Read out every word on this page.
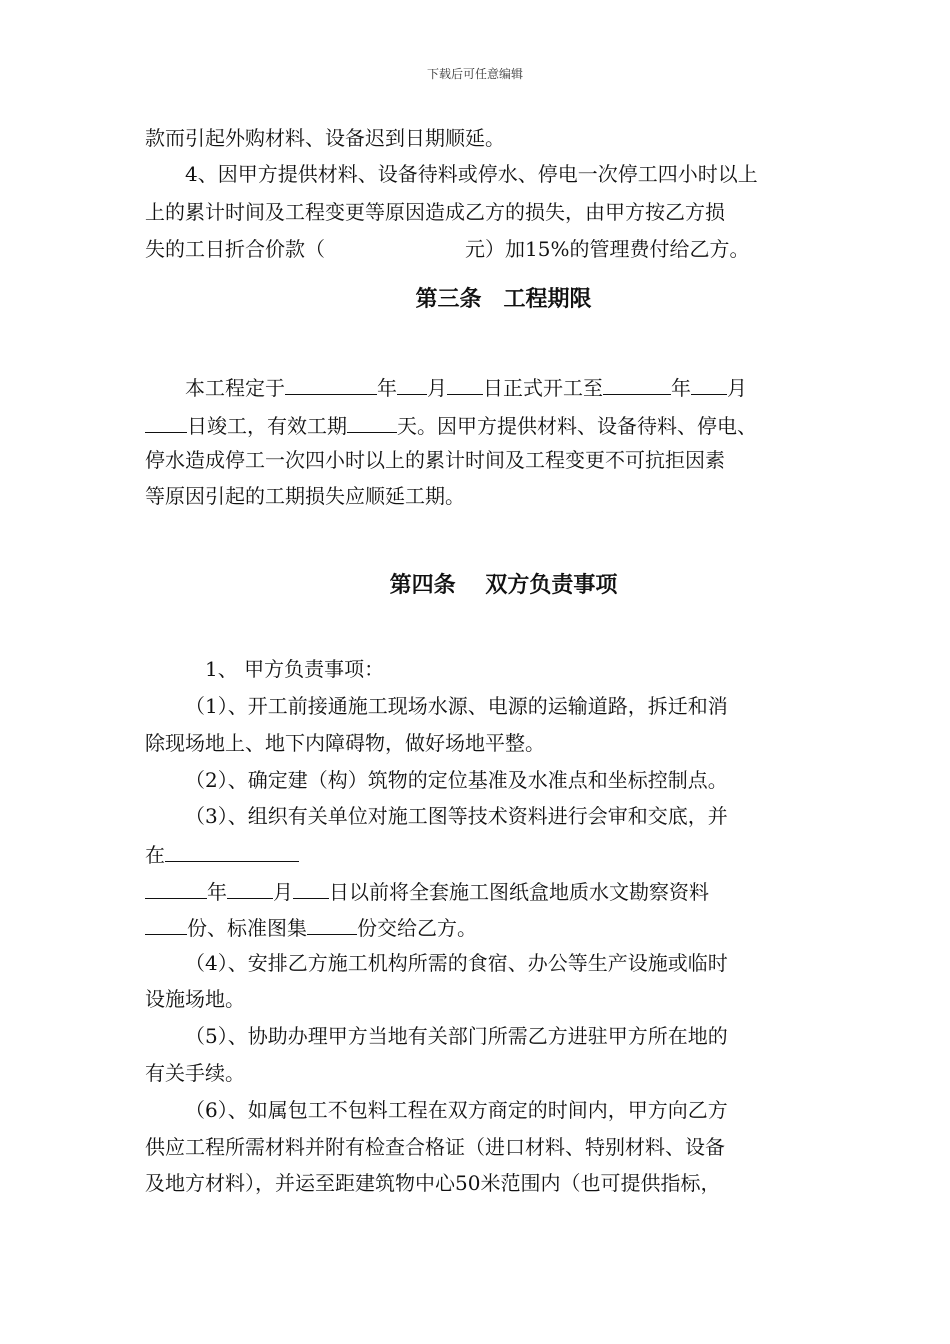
下载后可任意编辑
款而引起外购材料、设备迟到日期顺延。
4、因甲方提供材料、设备待料或停水、停电一次停工四小时以上
上的累计时间及工程变更等原因造成乙方的损失，由甲方按乙方损
失的工日折合价款（	元）加15%的管理费付给乙方。
第三条　工程期限
本工程定于	年 月 日正式开工至	年 月
日竣工，有效工期	天。因甲方提供材料、设备待料、停电、
停水造成停工一次四小时以上的累计时间及工程变更不可抗拒因素
等原因引起的工期损失应顺延工期。
第四条　 双方负责事项
1、 甲方负责事项：
（1）、开工前接通施工现场水源、电源的运输道路，拆迁和消
除现场地上、地下内障碍物，做好场地平整。
（2）、确定建（构）筑物的定位基准及水准点和坐标控制点。
（3）、组织有关单位对施工图等技术资料进行会审和交底，并
在
年 月 日以前将全套施工图纸盒地质水文勘察资料
份、标准图集	份交给乙方。
（4）、安排乙方施工机构所需的食宿、办公等生产设施或临时
设施场地。
（5）、协助办理甲方当地有关部门所需乙方进驻甲方所在地的
有关手续。
（6）、如属包工不包料工程在双方商定的时间内，甲方向乙方
供应工程所需材料并附有检查合格证（进口材料、特别材料、设备
及地方材料），并运至距建筑物中心50米范围内（也可提供指标，
